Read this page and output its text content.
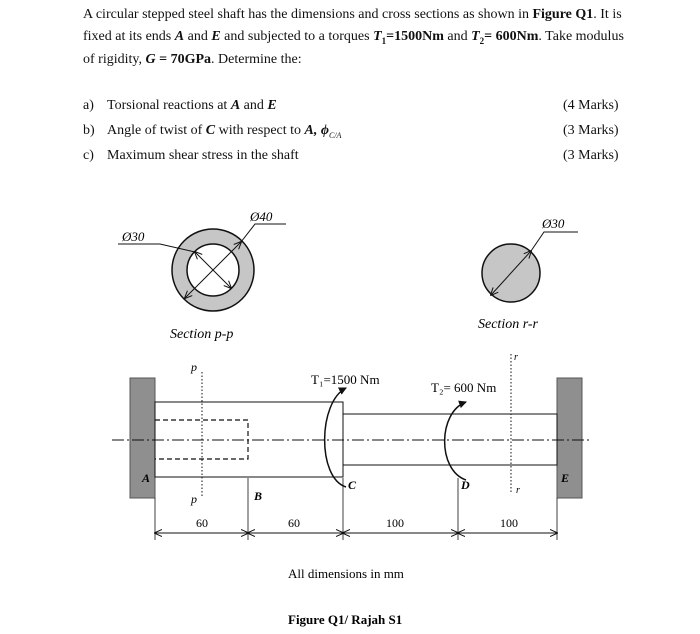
A circular stepped steel shaft has the dimensions and cross sections as shown in Figure Q1. It is
fixed at its ends A and E and subjected to a torques $T_1=1500Nm$ and $T_2= 600Nm$. Take modulus
of rigidity, G = 70GPa. Determine the:
a) Torsional reactions at A and E	(4 Marks)
b) Angle of twist of C with respect to A, $\phi_{C/A}$	(3 Marks)
c) Maximum shear stress in the shaft	(3 Marks)
Ø40
Ø30
Section p-p
Ø30
Section r-r
T₁=1500 Nm
T₂= 600 Nm
A
B
C	D	E
p
p
r
r
60	60	100	100
All dimensions in mm
Figure Q1/ Rajah S1
